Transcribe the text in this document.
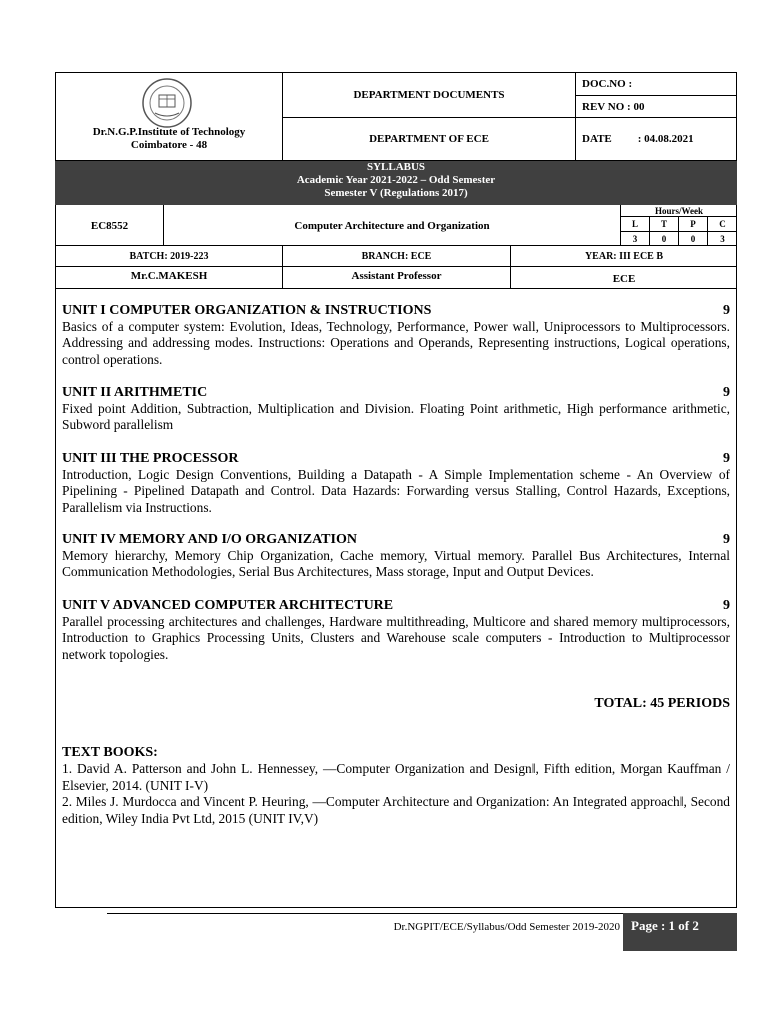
Dr.N.G.P.Institute of Technology
Coimbatore - 48
DEPARTMENT DOCUMENTS
DEPARTMENT OF ECE
DOC.NO :
REV NO : 00
DATE : 04.08.2021
SYLLABUS
Academic Year 2021-2022 – Odd Semester
Semester V (Regulations 2017)
EC8552	Computer Architecture and Organization
Hours/Week
L	T	P	C
3	0	0	3
BATCH: 2019-223	BRANCH: ECE	YEAR: III ECE B
Mr.C.MAKESH	Assistant Professor	ECE
UNIT I COMPUTER ORGANIZATION & INSTRUCTIONS	9

Basics of a computer system: Evolution, Ideas, Technology, Performance, Power wall, Uniprocessors to Multiprocessors. Addressing and addressing modes. Instructions: Operations and Operands, Representing instructions, Logical operations, control operations.

UNIT II ARITHMETIC	9

Fixed point Addition, Subtraction, Multiplication and Division. Floating Point arithmetic, High performance arithmetic, Subword parallelism

UNIT III THE PROCESSOR	9

Introduction, Logic Design Conventions, Building a Datapath - A Simple Implementation scheme - An Overview of Pipelining - Pipelined Datapath and Control. Data Hazards: Forwarding versus Stalling, Control Hazards, Exceptions, Parallelism via Instructions.

UNIT IV MEMORY AND I/O ORGANIZATION	9

Memory hierarchy, Memory Chip Organization, Cache memory, Virtual memory. Parallel Bus Architectures, Internal Communication Methodologies, Serial Bus Architectures, Mass storage, Input and Output Devices.

UNIT V ADVANCED COMPUTER ARCHITECTURE	9

Parallel processing architectures and challenges, Hardware multithreading, Multicore and shared memory multiprocessors, Introduction to Graphics Processing Units, Clusters and Warehouse scale computers - Introduction to Multiprocessor network topologies.

TOTAL: 45 PERIODS
TEXT BOOKS:

1. David A. Patterson and John L. Hennessey, —Computer Organization and Design‖, Fifth edition, Morgan Kauffman / Elsevier, 2014. (UNIT I-V)

2. Miles J. Murdocca and Vincent P. Heuring, —Computer Architecture and Organization: An Integrated approach‖, Second edition, Wiley India Pvt Ltd, 2015 (UNIT IV,V)

Dr.NGPIT/ECE/Syllabus/Odd Semester 2019-2020 Page : 1 of 2
